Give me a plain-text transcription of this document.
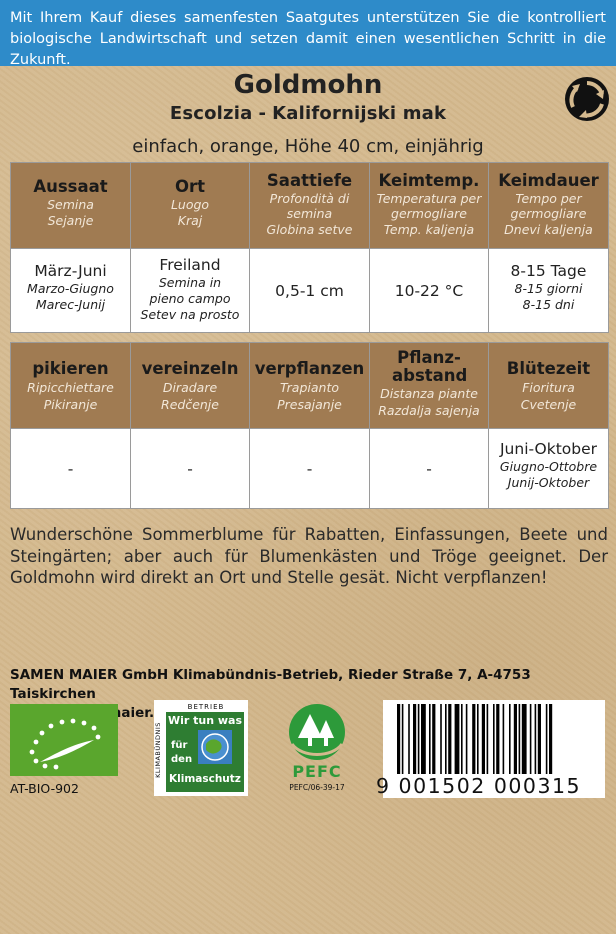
Mit Ihrem Kauf dieses samenfesten Saatgutes unterstützen Sie die kontrolliert biologische Landwirtschaft und setzen damit einen wesentlichen Schritt in die Zukunft.
Goldmohn
Escolzia - Kalifornijski mak
einfach, orange, Höhe 40 cm, einjährig
Aussaat
Semina
Sejanje	Ort
Luogo
Kraj	Saattiefe
Profondità di semina
Globina setve	Keimtemp.
Temperatura per germogliare
Temp. kaljenja	Keimdauer
Tempo per germogliare
Dnevi kaljenja

März-Juni
Marzo-Giugno
Marec-Junij	Freiland
Semina in pieno campo
Setev na prosto	0,5-1 cm	10-22 °C	8-15 Tage
8-15 giorni
8-15 dni
pikieren
Ripicchiettare
Pikiranje	vereinzeln
Diradare
Redčenje	verpflanzen
Trapianto
Presajanje	Pflanz- abstand
Distanza piante
Razdalja sajenja	Blütezeit
Fioritura
Cvetenje

-	-	-	-	Juni-Oktober
Giugno-Ottobre
Junij-Oktober
Wunderschöne Sommerblume für Rabatten, Einfassungen, Beete und Steingärten; aber auch für Blumenkästen und Tröge geeignet. Der Goldmohn wird direkt an Ort und Stelle gesät. Nicht verpflanzen!
SAMEN MAIER GmbH Klimabündnis-Betrieb, Rieder Straße 7, A-4753 Taiskirchen
AT-BIO-902
BETRIEB
KLIMABÜNDNIS
Wir tun was
für
den
Klimaschutz	PEFC
PEFC/06-39-17 9 001502 000315
